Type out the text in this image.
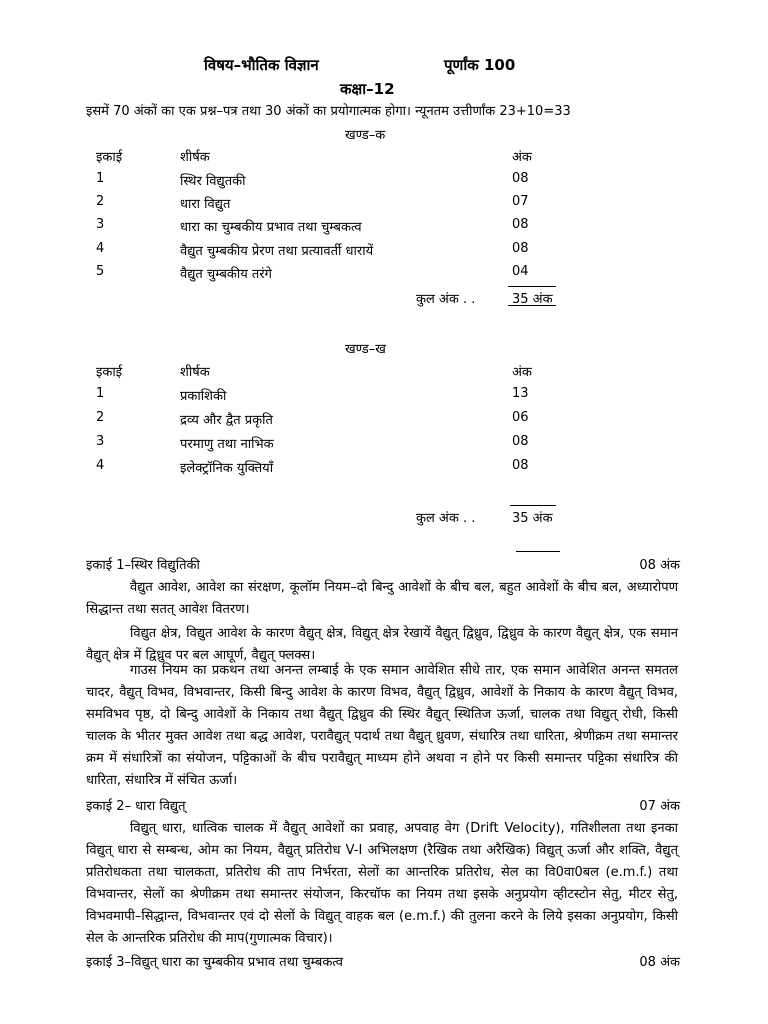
विषय–भौतिक विज्ञान	पूर्णांक 100
कक्षा–12
इसमें 70 अंकों का एक प्रश्न–पत्र तथा 30 अंकों का प्रयोगात्मक होगा। न्यूनतम उत्तीर्णांक 23+10=33
खण्ड–क
इकाई	शीर्षक	अंक
1	स्थिर विद्युतकी	08
2	धारा विद्युत	07
3	धारा का चुम्बकीय प्रभाव तथा चुम्बकत्व	08
4	वैद्युत चुम्बकीय प्रेरण तथा प्रत्यावर्ती धारायें	08
5	वैद्युत चुम्बकीय तरंगे	04
कुल अंक . .	35 अंक
खण्ड–ख
इकाई	शीर्षक	अंक
1	प्रकाशिकी	13
2	द्रव्य और द्वैत प्रकृति	06
3	परमाणु तथा नाभिक	08
4	इलेक्ट्रॉनिक युक्तियाँ	08
कुल अंक . .	35 अंक
इकाई 1–स्थिर विद्युतिकी	08 अंक
वैद्युत आवेश, आवेश का संरक्षण, कूलॉम नियम–दो बिन्दु आवेशों के बीच बल, बहुत आवेशों के बीच बल, अध्यारोपण सिद्धान्त तथा सतत् आवेश वितरण।
विद्युत क्षेत्र, विद्युत आवेश के कारण वैद्युत् क्षेत्र, विद्युत् क्षेत्र रेखायें वैद्युत् द्विध्रुव, द्विध्रुव के कारण वैद्युत् क्षेत्र, एक समान वैद्युत् क्षेत्र में द्विध्रुव पर बल आघूर्ण, वैद्युत् फ्लक्स।
गाउस नियम का प्रकथन तथा अनन्त लम्बाई के एक समान आवेशित सीधे तार, एक समान आवेशित अनन्त समतल चादर, वैद्युत् विभव, विभवान्तर, किसी बिन्दु आवेश के कारण विभव, वैद्युत् द्विध्रुव, आवेशों के निकाय के कारण वैद्युत् विभव, समविभव पृष्ठ, दो बिन्दु आवेशों के निकाय तथा वैद्युत् द्विध्रुव की स्थिर वैद्युत् स्थितिज ऊर्जा, चालक तथा विद्युत् रोधी, किसी चालक के भीतर मुक्त आवेश तथा बद्ध आवेश, परावैद्युत् पदार्थ तथा वैद्युत् ध्रुवण, संधारित्र तथा धारिता, श्रेणीक्रम तथा समान्तर क्रम में संधारित्रों का संयोजन, पट्टिकाओं के बीच परावैद्युत् माध्यम होने अथवा न होने पर किसी समान्तर पट्टिका संधारित्र की धारिता, संधारित्र में संचित ऊर्जा।
इकाई 2– धारा विद्युत्	07 अंक
विद्युत् धारा, धात्विक चालक में वैद्युत् आवेशों का प्रवाह, अपवाह वेग (Drift Velocity), गतिशीलता तथा इनका विद्युत् धारा से सम्बन्ध, ओम का नियम, वैद्युत् प्रतिरोध V-I अभिलक्षण (रैखिक तथा अरैखिक) विद्युत् ऊर्जा और शक्ति, वैद्युत् प्रतिरोधकता तथा चालकता, प्रतिरोध की ताप निर्भरता, सेलों का आन्तरिक प्रतिरोध, सेल का वि0वा0बल (e.m.f.) तथा विभवान्तर, सेलों का श्रेणीक्रम तथा समान्तर संयोजन, किरचॉफ का नियम तथा इसके अनुप्रयोग व्हीटस्टोन सेतु, मीटर सेतु, विभवमापी–सिद्धान्त, विभवान्तर एवं दो सेलों के विद्युत् वाहक बल (e.m.f.) की तुलना करने के लिये इसका अनुप्रयोग, किसी सेल के आन्तरिक प्रतिरोध की माप(गुणात्मक विचार)।
इकाई 3–विद्युत् धारा का चुम्बकीय प्रभाव तथा चुम्बकत्व	08 अंक
